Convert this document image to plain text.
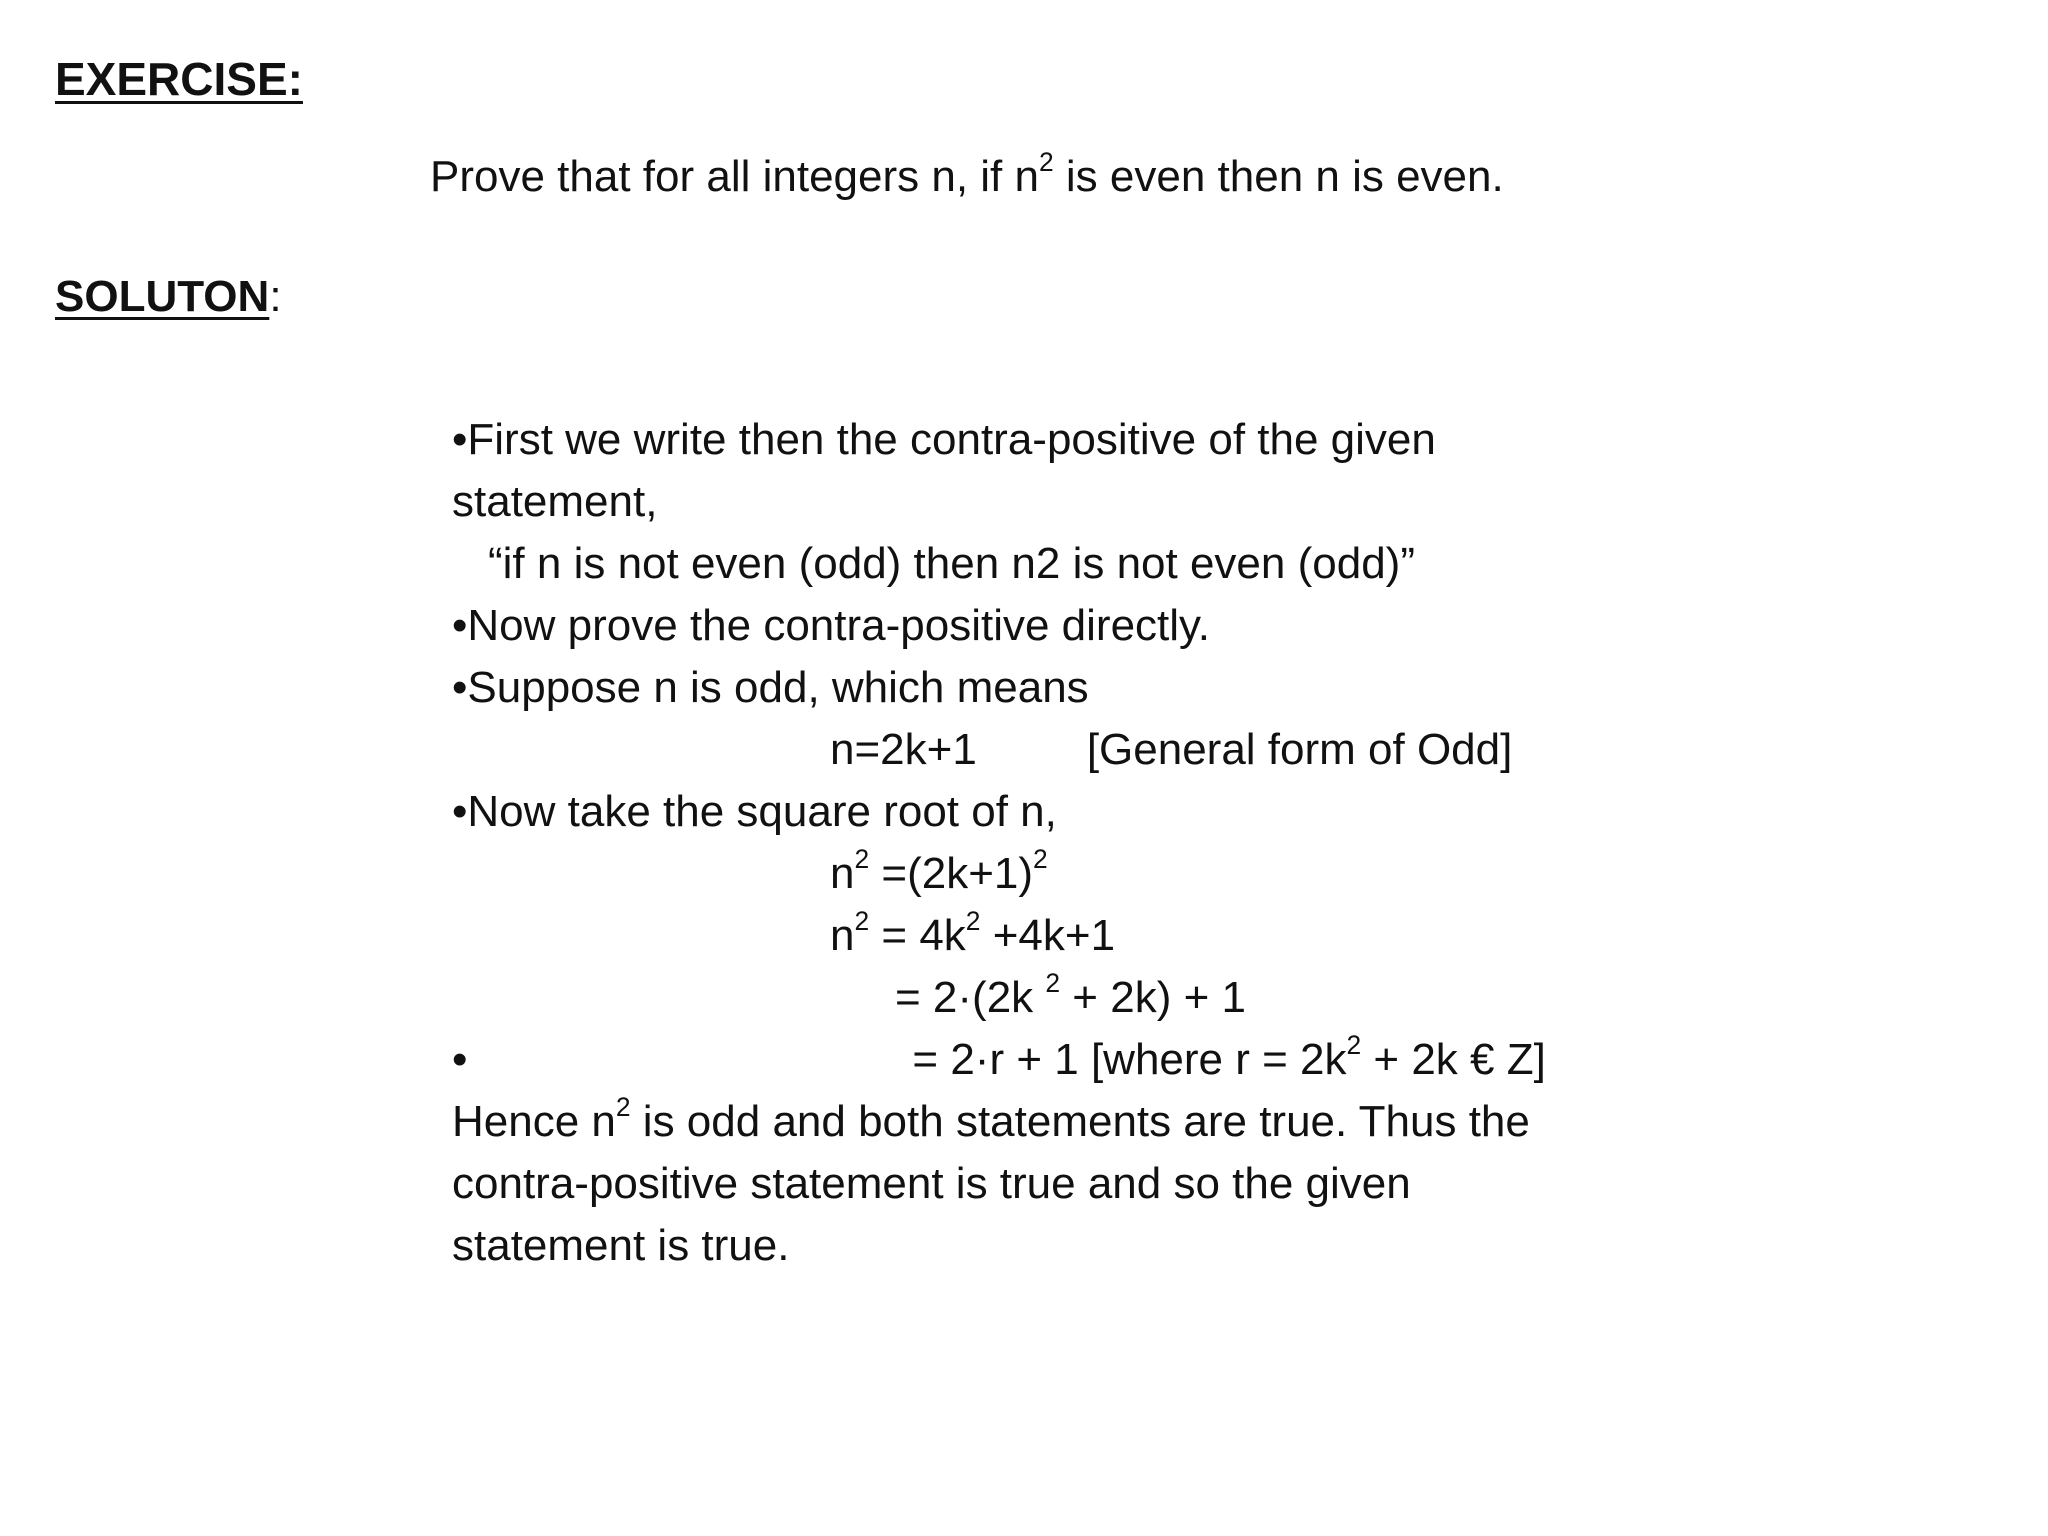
EXERCISE:
Prove that for all integers n, if $n^2$ is even then n is even.
SOLUTON:
•First we write then the contra-positive of the given
statement,
“if n is not even (odd) then n2 is not even (odd)”
•Now prove the contra-positive directly.
•Suppose n is odd, which means
n=2k+1	[General form of Odd]
•Now take the square root of n,
$n^2 =(2k+1)^2$
$n^2 = 4k^2 +4k+1$
= 2·(2k $^2$ + 2k) + 1
•	= 2·r + 1 [where $r = 2k^2 + 2k$ € Z]
Hence $n^2$ is odd and both statements are true. Thus the
contra-positive statement is true and so the given
statement is true.
